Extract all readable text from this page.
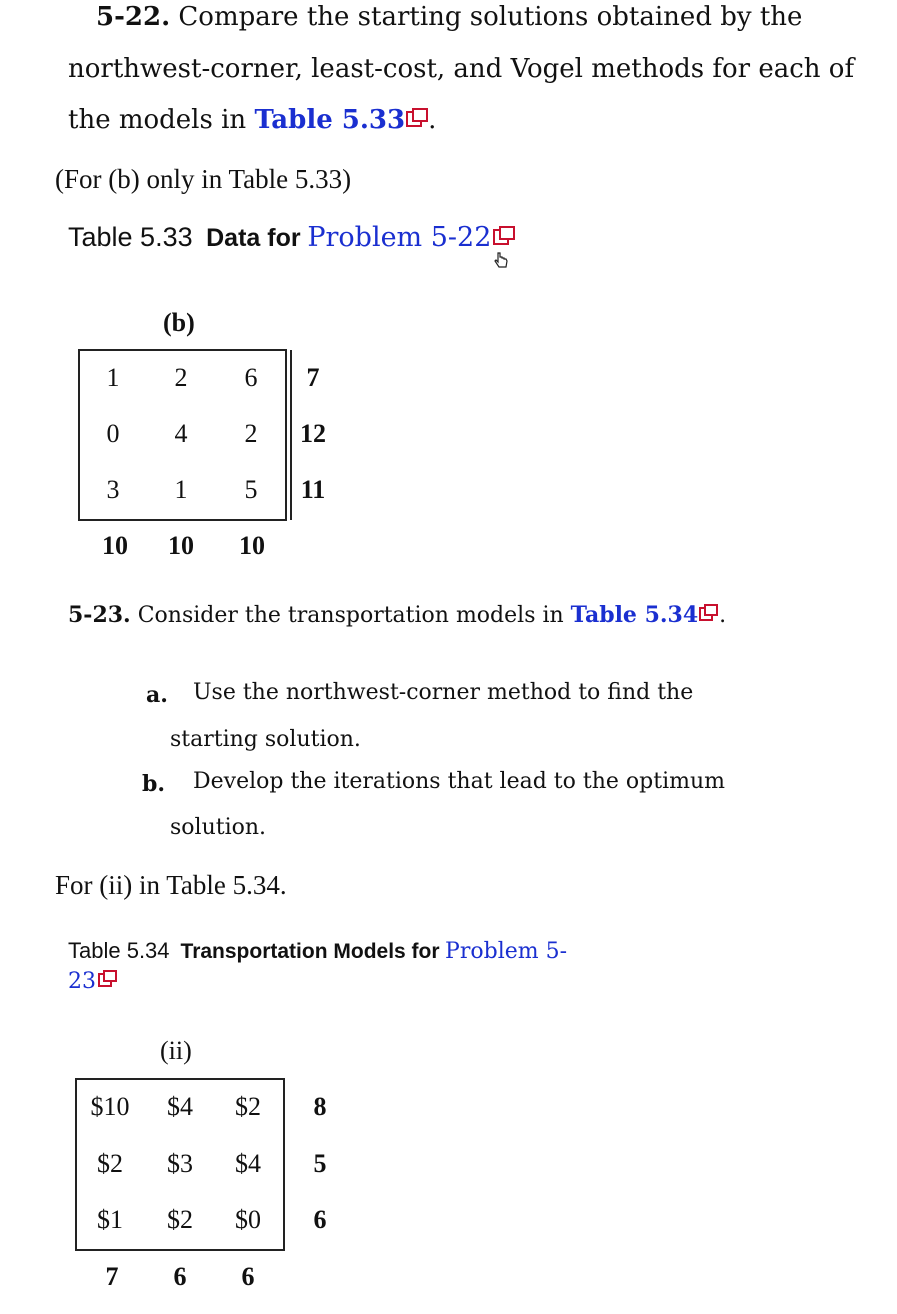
5-22. Compare the starting solutions obtained by the
northwest-corner, least-cost, and Vogel methods for each of
the models in Table 5.33 .
(For (b) only in Table 5.33)
Table 5.33 Data for Problem 5-22
(b)
1	2	6	7
0	4	2	12
3	1	5	11
10	10	10
5-23. Consider the transportation models in Table 5.34 .
a. Use the northwest-corner method to find the
starting solution.
b. Develop the iterations that lead to the optimum
solution.
For (ii) in Table 5.34.
Table 5.34 Transportation Models for Problem 5-
23
(ii)
$10	$4	$2	8
$2	$3	$4	5
$1	$2	$0	6
7	6	6
